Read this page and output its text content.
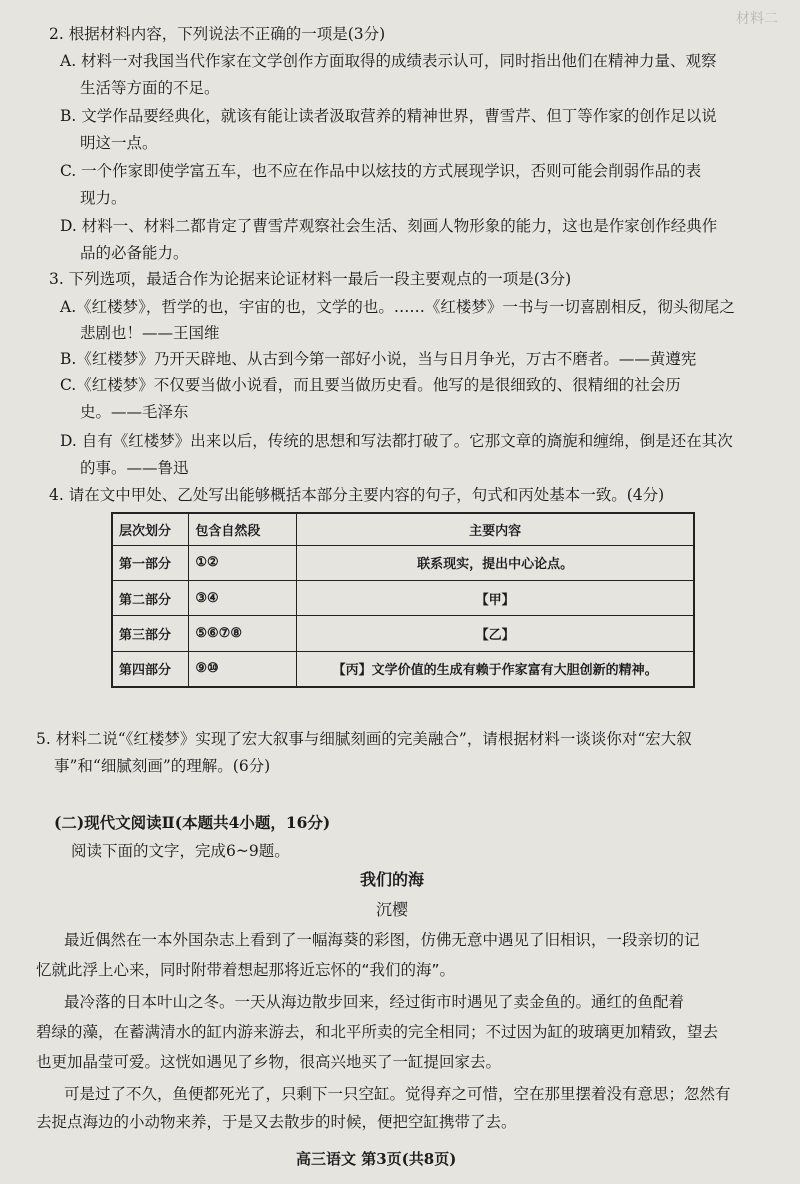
材料二
2. 根据材料内容，下列说法不正确的一项是(3分)
A. 材料一对我国当代作家在文学创作方面取得的成绩表示认可，同时指出他们在精神力量、观察
生活等方面的不足。
B. 文学作品要经典化，就该有能让读者汲取营养的精神世界，曹雪芹、但丁等作家的创作足以说
明这一点。
C. 一个作家即使学富五车，也不应在作品中以炫技的方式展现学识，否则可能会削弱作品的表
现力。
D. 材料一、材料二都肯定了曹雪芹观察社会生活、刻画人物形象的能力，这也是作家创作经典作
品的必备能力。
3. 下列选项，最适合作为论据来论证材料一最后一段主要观点的一项是(3分)
A.《红楼梦》，哲学的也，宇宙的也，文学的也。……《红楼梦》一书与一切喜剧相反，彻头彻尾之
悲剧也！——王国维
B.《红楼梦》乃开天辟地、从古到今第一部好小说，当与日月争光，万古不磨者。——黄遵宪
C.《红楼梦》不仅要当做小说看，而且要当做历史看。他写的是很细致的、很精细的社会历
史。——毛泽东
D. 自有《红楼梦》出来以后，传统的思想和写法都打破了。它那文章的旖旎和缠绵，倒是还在其次
的事。——鲁迅
4. 请在文中甲处、乙处写出能够概括本部分主要内容的句子，句式和丙处基本一致。(4分)
层次划分	包含自然段	主要内容
第一部分	①②	联系现实，提出中心论点。
第二部分	③④	【甲】
第三部分	⑤⑥⑦⑧	【乙】
第四部分	⑨⑩	【丙】文学价值的生成有赖于作家富有大胆创新的精神。
5. 材料二说“《红楼梦》实现了宏大叙事与细腻刻画的完美融合”，请根据材料一谈谈你对“宏大叙
事”和“细腻刻画”的理解。(6分)
(二)现代文阅读Ⅱ(本题共4小题，16分)
阅读下面的文字，完成6~9题。
我们的海
沉樱
最近偶然在一本外国杂志上看到了一幅海葵的彩图，仿佛无意中遇见了旧相识，一段亲切的记
忆就此浮上心来，同时附带着想起那将近忘怀的“我们的海”。
最冷落的日本叶山之冬。一天从海边散步回来，经过街市时遇见了卖金鱼的。通红的鱼配着
碧绿的藻，在蓄满清水的缸内游来游去，和北平所卖的完全相同；不过因为缸的玻璃更加精致，望去
也更加晶莹可爱。这恍如遇见了乡物，很高兴地买了一缸提回家去。
可是过了不久，鱼便都死光了，只剩下一只空缸。觉得弃之可惜，空在那里摆着没有意思；忽然有
去捉点海边的小动物来养，于是又去散步的时候，便把空缸携带了去。
高三语文 第3页(共8页)
